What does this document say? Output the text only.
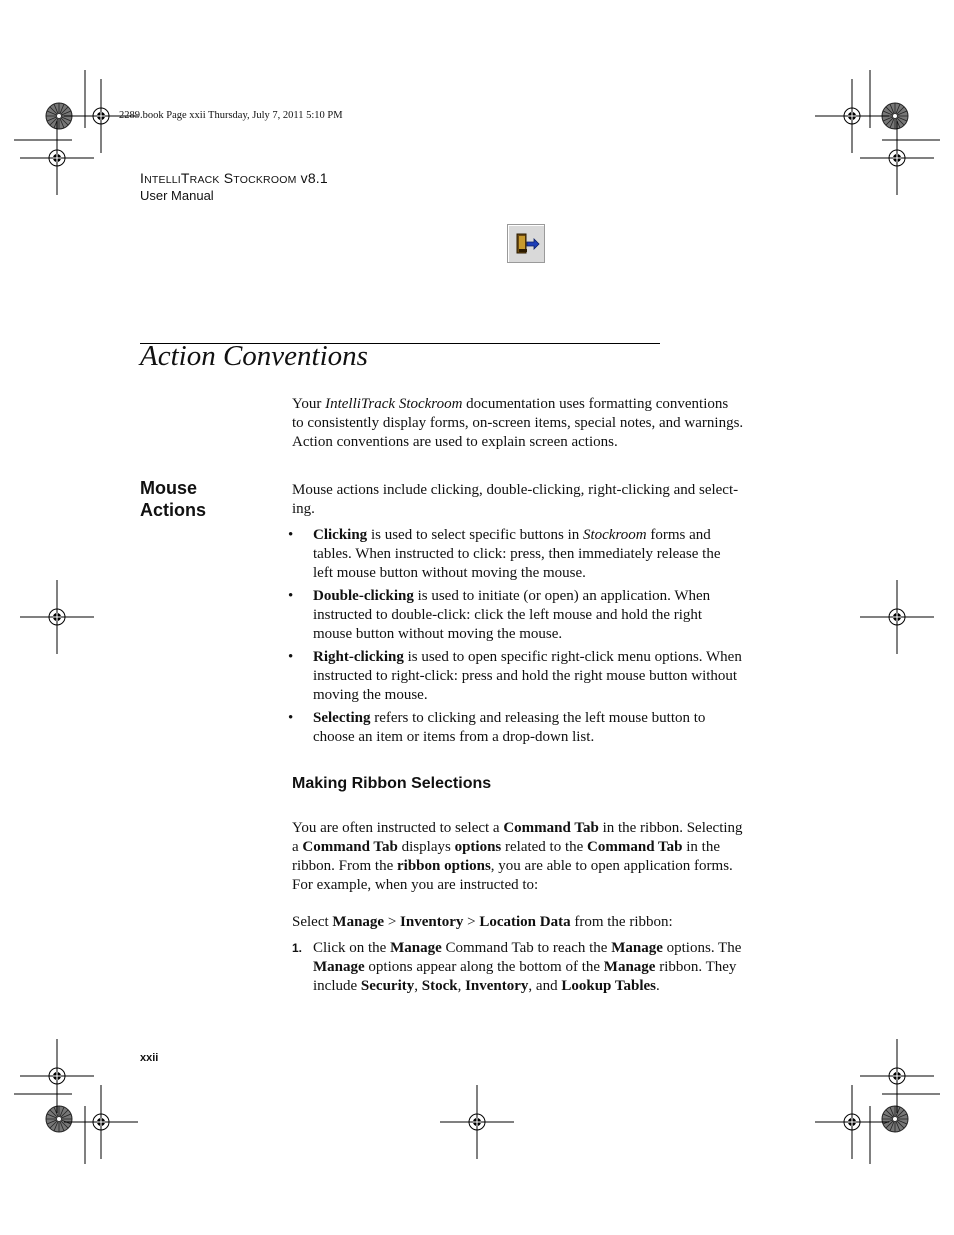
2289.book Page xxii Thursday, July 7, 2011 5:10 PM
INTELLITRACK STOCKROOM v8.1
User Manual
Action Conventions
Your IntelliTrack Stockroom documentation uses formatting conventions
to consistently display forms, on-screen items, special notes, and warnings.
Action conventions are used to explain screen actions.
Mouse
Actions
Mouse actions include clicking, double-clicking, right-clicking and select-
ing.
• Clicking is used to select specific buttons in Stockroom forms and
tables. When instructed to click: press, then immediately release the
left mouse button without moving the mouse.
• Double-clicking is used to initiate (or open) an application. When
instructed to double-click: click the left mouse and hold the right
mouse button without moving the mouse.
• Right-clicking is used to open specific right-click menu options. When
instructed to right-click: press and hold the right mouse button without
moving the mouse.
• Selecting refers to clicking and releasing the left mouse button to
choose an item or items from a drop-down list.
Making Ribbon Selections
You are often instructed to select a Command Tab in the ribbon. Selecting
a Command Tab displays options related to the Command Tab in the
ribbon. From the ribbon options, you are able to open application forms.
For example, when you are instructed to:
Select Manage > Inventory > Location Data from the ribbon:
1. Click on the Manage Command Tab to reach the Manage options. The
Manage options appear along the bottom of the Manage ribbon. They
include Security, Stock, Inventory, and Lookup Tables.
xxii
